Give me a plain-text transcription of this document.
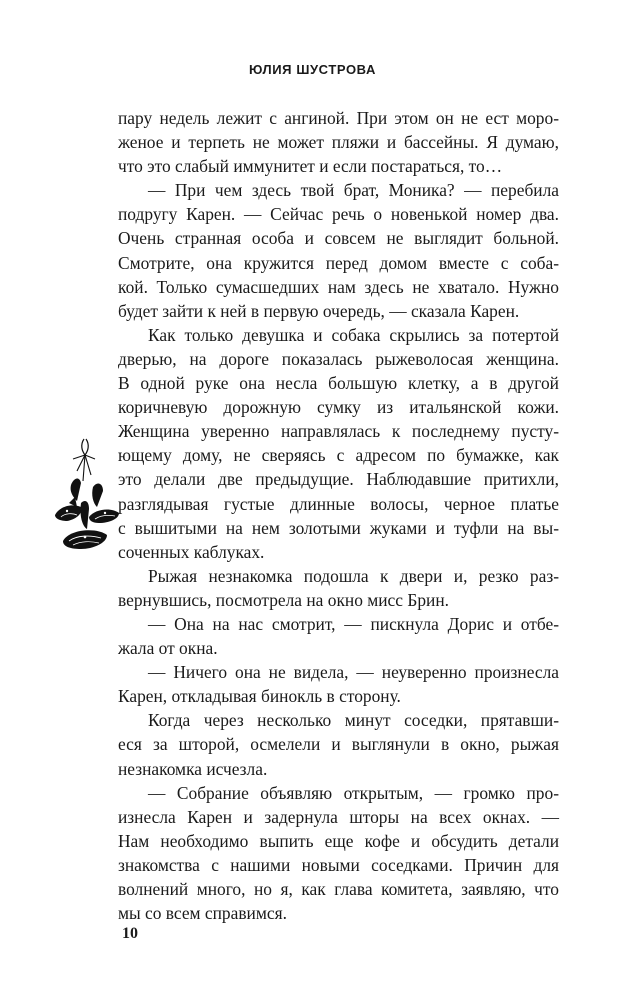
ЮЛИЯ ШУСТРОВА
пару недель лежит с ангиной. При этом он не ест моро-
женое и терпеть не может пляжи и бассейны. Я думаю,
что это слабый иммунитет и если постараться, то…
— При чем здесь твой брат, Моника? — перебила
подругу Карен. — Сейчас речь о новенькой номер два.
Очень странная особа и совсем не выглядит больной.
Смотрите, она кружится перед домом вместе с соба-
кой. Только сумасшедших нам здесь не хватало. Нужно
будет зайти к ней в первую очередь, — сказала Карен.
Как только девушка и собака скрылись за потертой
дверью, на дороге показалась рыжеволосая женщина.
В одной руке она несла большую клетку, а в другой
коричневую дорожную сумку из итальянской кожи.
Женщина уверенно направлялась к последнему пусту-
ющему дому, не сверяясь с адресом по бумажке, как
это делали две предыдущие. Наблюдавшие притихли,
разглядывая густые длинные волосы, черное платье
с вышитыми на нем золотыми жуками и туфли на вы-
соченных каблуках.
Рыжая незнакомка подошла к двери и, резко раз-
вернувшись, посмотрела на окно мисс Брин.
— Она на нас смотрит, — пискнула Дорис и отбе-
жала от окна.
— Ничего она не видела, — неуверенно произнесла
Карен, откладывая бинокль в сторону.
Когда через несколько минут соседки, прятавши-
еся за шторой, осмелели и выглянули в окно, рыжая
незнакомка исчезла.
— Собрание объявляю открытым, — громко про-
изнесла Карен и задернула шторы на всех окнах. —
Нам необходимо выпить еще кофе и обсудить детали
знакомства с нашими новыми соседками. Причин для
волнений много, но я, как глава комитета, заявляю, что
мы со всем справимся.
10
